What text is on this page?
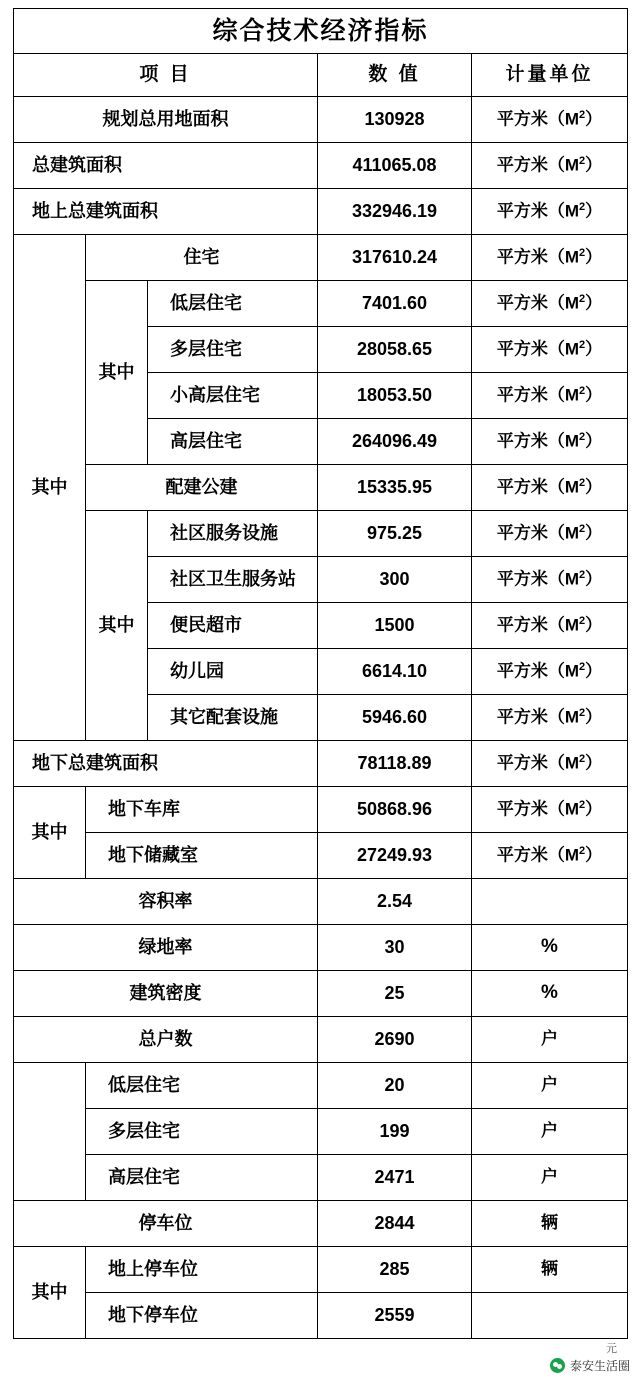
综合技术经济指标				
项 目			数 值	计量单位
规划总用地面积			130928	平方米$(M^2)$
总建筑面积			411065.08	平方米$(M^2)$
地上总建筑面积			332946.19	平方米$(M^2)$
其中	住宅		317610.24	平方米$(M^2)$
	其中	低层住宅	7401.60	平方米$(M^2)$
		多层住宅	28058.65	平方米$(M^2)$
		小高层住宅	18053.50	平方米$(M^2)$
		高层住宅	264096.49	平方米$(M^2)$
	配建公建		15335.95	平方米$(M^2)$
	其中	社区服务设施	975.25	平方米$(M^2)$
		社区卫生服务站	300	平方米$(M^2)$
		便民超市	1500	平方米$(M^2)$
		幼儿园	6614.10	平方米$(M^2)$
		其它配套设施	5946.60	平方米$(M^2)$
地下总建筑面积			78118.89	平方米$(M^2)$
其中	地下车库		50868.96	平方米$(M^2)$
	地下储藏室		27249.93	平方米$(M^2)$
容积率			2.54	
绿地率			30	%
建筑密度			25	%
总户数			2690	户
	低层住宅		20	户
	多层住宅		199	户
	高层住宅		2471	户
停车位			2844	辆
其中	地上停车位		285	辆
	地下停车位		2559	
元
泰安生活圈
